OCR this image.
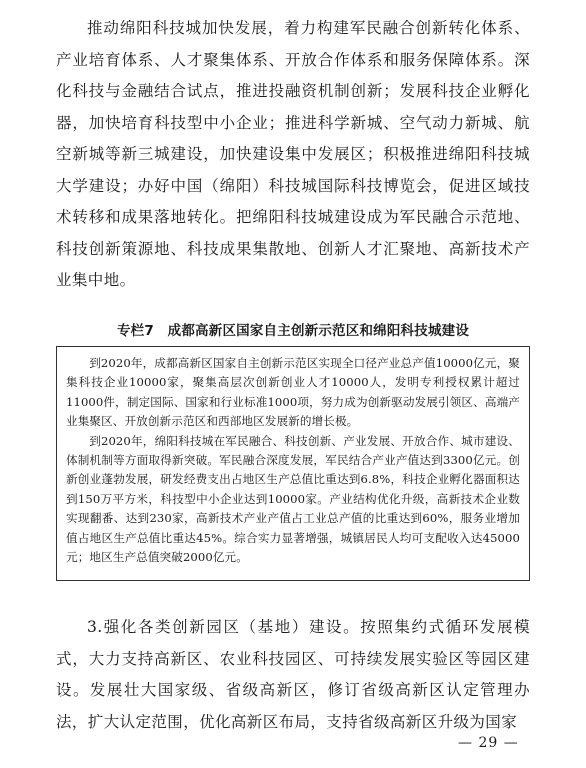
推动绵阳科技城加快发展，着力构建军民融合创新转化体系、产业培育体系、人才聚集体系、开放合作体系和服务保障体系。深化科技与金融结合试点，推进投融资机制创新；发展科技企业孵化器，加快培育科技型中小企业；推进科学新城、空气动力新城、航空新城等新三城建设，加快建设集中发展区；积极推进绵阳科技城大学建设；办好中国（绵阳）科技城国际科技博览会，促进区域技术转移和成果落地转化。把绵阳科技城建设成为军民融合示范地、科技创新策源地、科技成果集散地、创新人才汇聚地、高新技术产业集中地。

专栏7　成都高新区国家自主创新示范区和绵阳科技城建设

到2020年，成都高新区国家自主创新示范区实现全口径产业总产值10000亿元，聚集科技企业10000家，聚集高层次创新创业人才10000人，发明专利授权累计超过11000件，制定国际、国家和行业标准1000项，努力成为创新驱动发展引领区、高端产业集聚区、开放创新示范区和西部地区发展新的增长极。

到2020年，绵阳科技城在军民融合、科技创新、产业发展、开放合作、城市建设、体制机制等方面取得新突破。军民融合深度发展，军民结合产业产值达到3300亿元。创新创业蓬勃发展，研发经费支出占地区生产总值比重达到6.8%，科技企业孵化器面积达到150万平方米，科技型中小企业达到10000家。产业结构优化升级，高新技术企业数实现翻番、达到230家，高新技术产业产值占工业总产值的比重达到60%，服务业增加值占地区生产总值比重达45%。综合实力显著增强，城镇居民人均可支配收入达45000元；地区生产总值突破2000亿元。

3.强化各类创新园区（基地）建设。按照集约式循环发展模式，大力支持高新区、农业科技园区、可持续发展实验区等园区建设。发展壮大国家级、省级高新区，修订省级高新区认定管理办法，扩大认定范围，优化高新区布局，支持省级高新区升级为国家

— 29 —
